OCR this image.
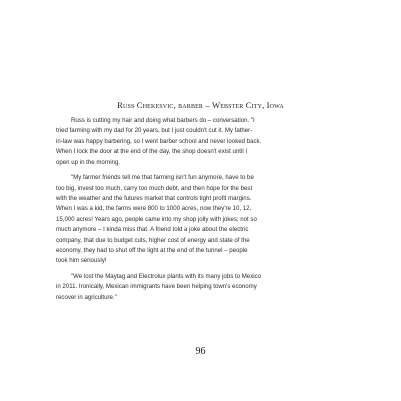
Russ Chekesvic, barber – Webster City, Iowa

Russ is cutting my hair and doing what barbers do – conversation. "I
tried farming with my dad for 20 years, but I just couldn't cut it. My father-
in-law was happy barbering, so I went barber school and never looked back.
When I lock the door at the end of the day, the shop doesn't exist until I
open up in the morning.

"My farmer friends tell me that farming isn't fun anymore, have to be
too big, invest too much, carry too much debt, and then hope for the best
with the weather and the futures market that controls tight profit margins.
When I was a kid, the farms were 800 to 1000 acres, now they're 10, 12,
15,000 acres! Years ago, people came into my shop jolly with jokes; not so
much anymore – I kinda miss that. A friend told a joke about the electric
company, that due to budget cuts, higher cost of energy and state of the
economy, they had to shut off the light at the end of the tunnel – people
took him seriously!

"We lost the Maytag and Electrolux plants with its many jobs to Mexico
in 2011. Ironically, Mexican immigrants have been helping town's economy
recover in agriculture."

96
